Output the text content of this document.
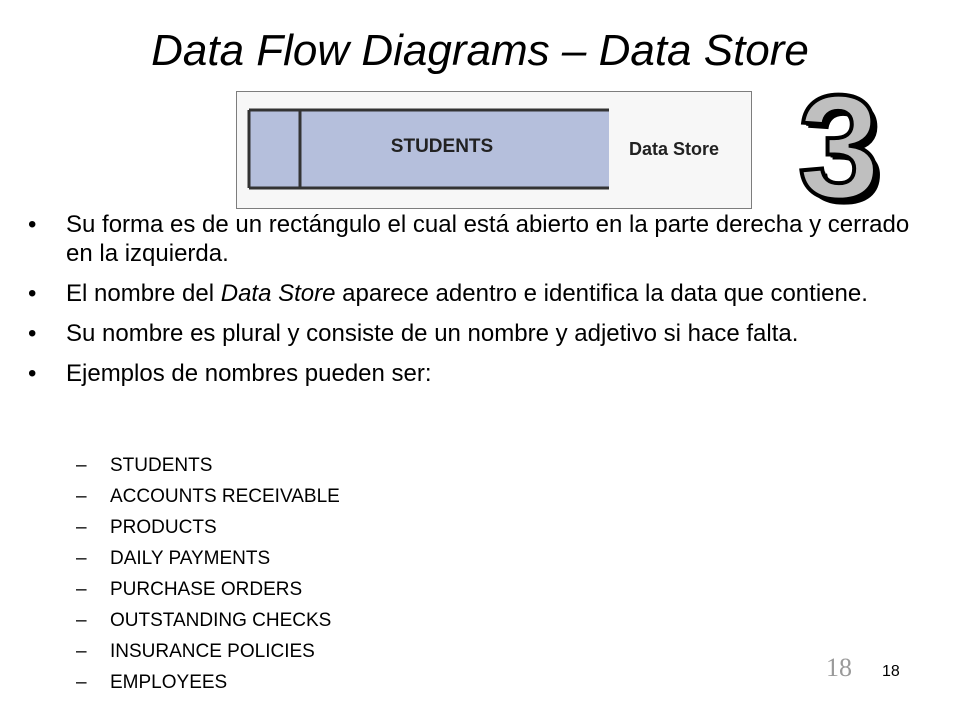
Data Flow Diagrams – Data Store
STUDENTS	Data Store 3
• Su forma es de un rectángulo el cual está abierto en la parte derecha y cerrado en la izquierda.
• El nombre del Data Store aparece adentro e identifica la data que contiene.
• Su nombre es plural y consiste de un nombre y adjetivo si hace falta.
• Ejemplos de nombres pueden ser:
– STUDENTS
– ACCOUNTS RECEIVABLE
– PRODUCTS
– DAILY PAYMENTS
– PURCHASE ORDERS
– OUTSTANDING CHECKS
– INSURANCE POLICIES
– EMPLOYEES
18 18
